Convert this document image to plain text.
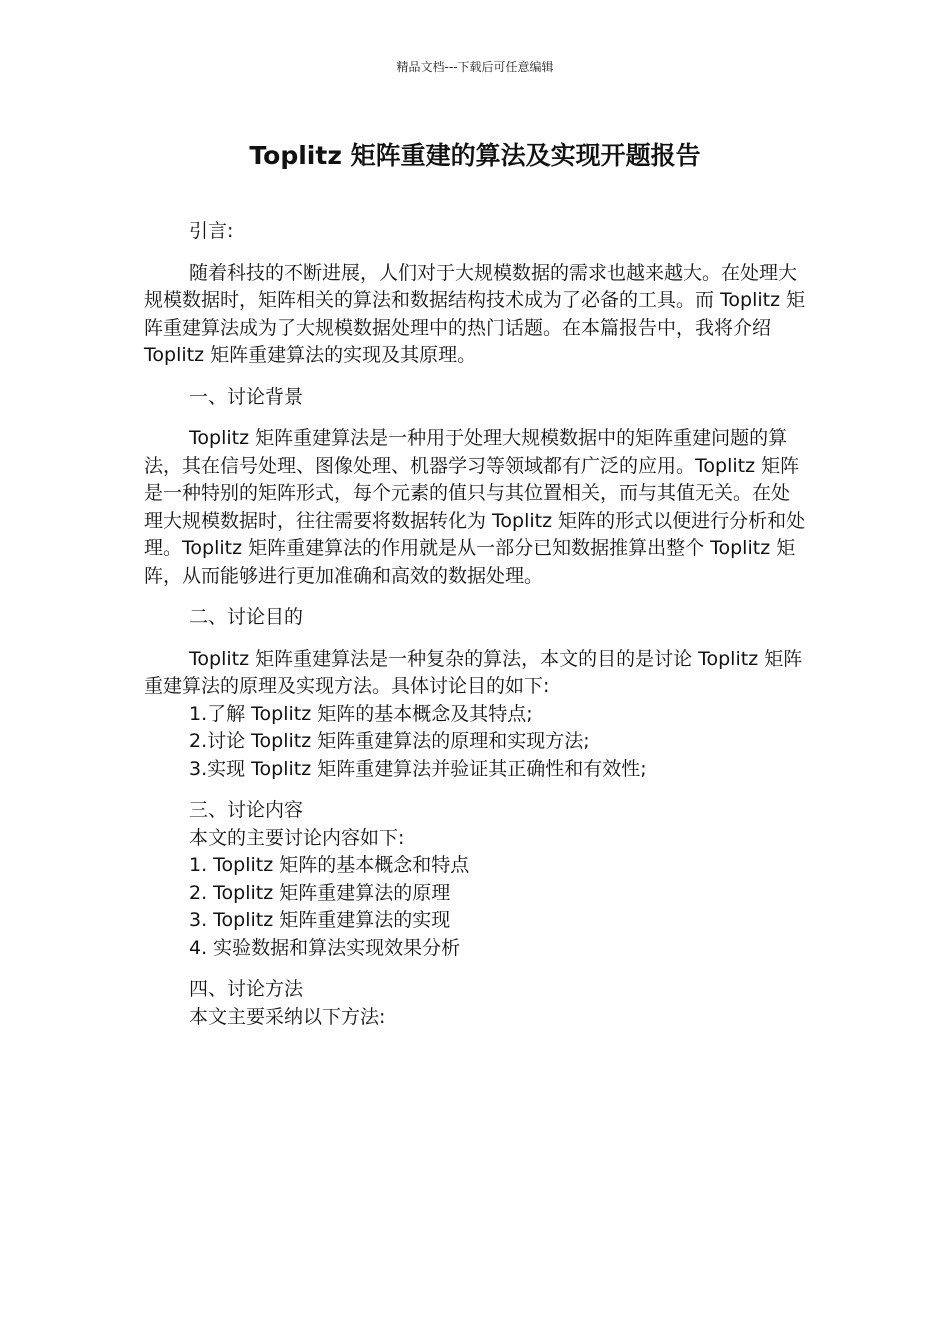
精品文档---下载后可任意编辑
Toplitz 矩阵重建的算法及实现开题报告

引言:

随着科技的不断进展，人们对于大规模数据的需求也越来越大。在处理大规模数据时，矩阵相关的算法和数据结构技术成为了必备的工具。而 Toplitz 矩阵重建算法成为了大规模数据处理中的热门话题。在本篇报告中，我将介绍 Toplitz 矩阵重建算法的实现及其原理。

一、讨论背景

Toplitz 矩阵重建算法是一种用于处理大规模数据中的矩阵重建问题的算法，其在信号处理、图像处理、机器学习等领域都有广泛的应用。Toplitz 矩阵是一种特别的矩阵形式，每个元素的值只与其位置相关，而与其值无关。在处理大规模数据时，往往需要将数据转化为 Toplitz 矩阵的形式以便进行分析和处理。Toplitz 矩阵重建算法的作用就是从一部分已知数据推算出整个 Toplitz 矩阵，从而能够进行更加准确和高效的数据处理。

二、讨论目的

Toplitz 矩阵重建算法是一种复杂的算法，本文的目的是讨论 Toplitz 矩阵重建算法的原理及实现方法。具体讨论目的如下:

1.了解 Toplitz 矩阵的基本概念及其特点;

2.讨论 Toplitz 矩阵重建算法的原理和实现方法;

3.实现 Toplitz 矩阵重建算法并验证其正确性和有效性;

三、讨论内容

本文的主要讨论内容如下:

1. Toplitz 矩阵的基本概念和特点

2. Toplitz 矩阵重建算法的原理

3. Toplitz 矩阵重建算法的实现

4. 实验数据和算法实现效果分析

四、讨论方法

本文主要采纳以下方法:
